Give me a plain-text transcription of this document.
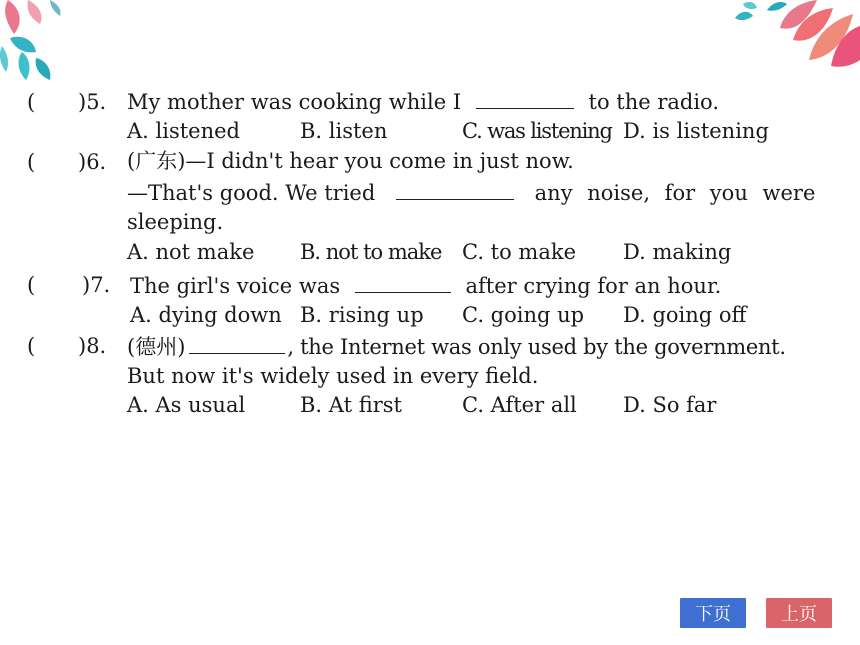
( )5. My mother was cooking while I	to the radio.
A. listened	B. listen	C. was listening D. is listening
( )6. (广东)—I didn't hear you come in just now.
—That's good. We tried	any noise, for you were
sleeping.
A. not make B. not to make C. to make D. making
( )7. The girl's voice was	after crying for an hour.
A. dying down B. rising up C. going up D. going off
( )8. (德州)	, the Internet was only used by the government.
But now it's widely used in every field.
A. As usual	B. At first	C. After all D. So far
下页	上页
